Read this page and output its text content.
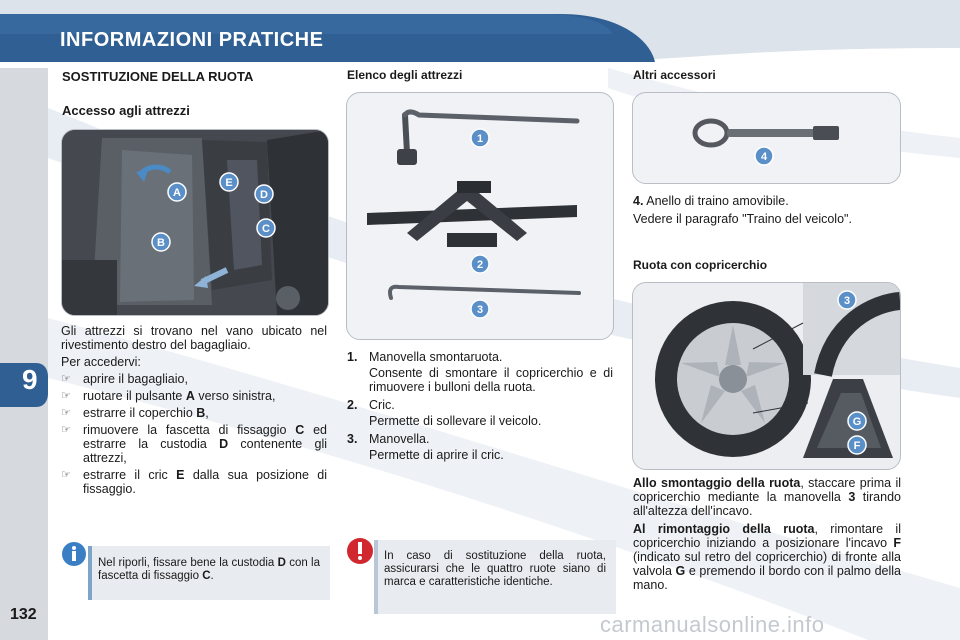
INFORMAZIONI PRATICHE
9
132
SOSTITUZIONE DELLA RUOTA
Accesso agli attrezzi
A
E
D
C
B

Gli attrezzi si trovano nel vano ubicato nel rivestimento destro del bagagliaio.

Per accedervi:

☞ aprire il bagagliaio,
☞ ruotare il pulsante A verso sinistra,
☞ estrarre il coperchio B,
☞ rimuovere la fascetta di fissaggio C ed estrarre la custodia D contenente gli attrezzi,
☞ estrarre il cric E dalla sua posizione di fissaggio.
Nel riporli, fissare bene la custodia D con la fascetta di fissaggio C.
Elenco degli attrezzi
1
2
3
1. Manovella smontaruota.
Consente di smontare il copricerchio e di rimuovere i bulloni della ruota.
2. Cric.
Permette di sollevare il veicolo.
3. Manovella.
Permette di aprire il cric.
In caso di sostituzione della ruota, assicurarsi che le quattro ruote siano di marca e caratteristiche identiche.
Altri accessori
4
4. Anello di traino amovibile.
Vedere il paragrafo "Traino del veicolo".
Ruota con copricerchio
3
G
F

Allo smontaggio della ruota, staccare prima il copricerchio mediante la manovella 3 tirando all'altezza dell'incavo.

Al rimontaggio della ruota, rimontare il copricerchio iniziando a posizionare l'incavo F (indicato sul retro del copricerchio) di fronte alla valvola G e premendo il bordo con il palmo della mano.

carmanualsonline.info
